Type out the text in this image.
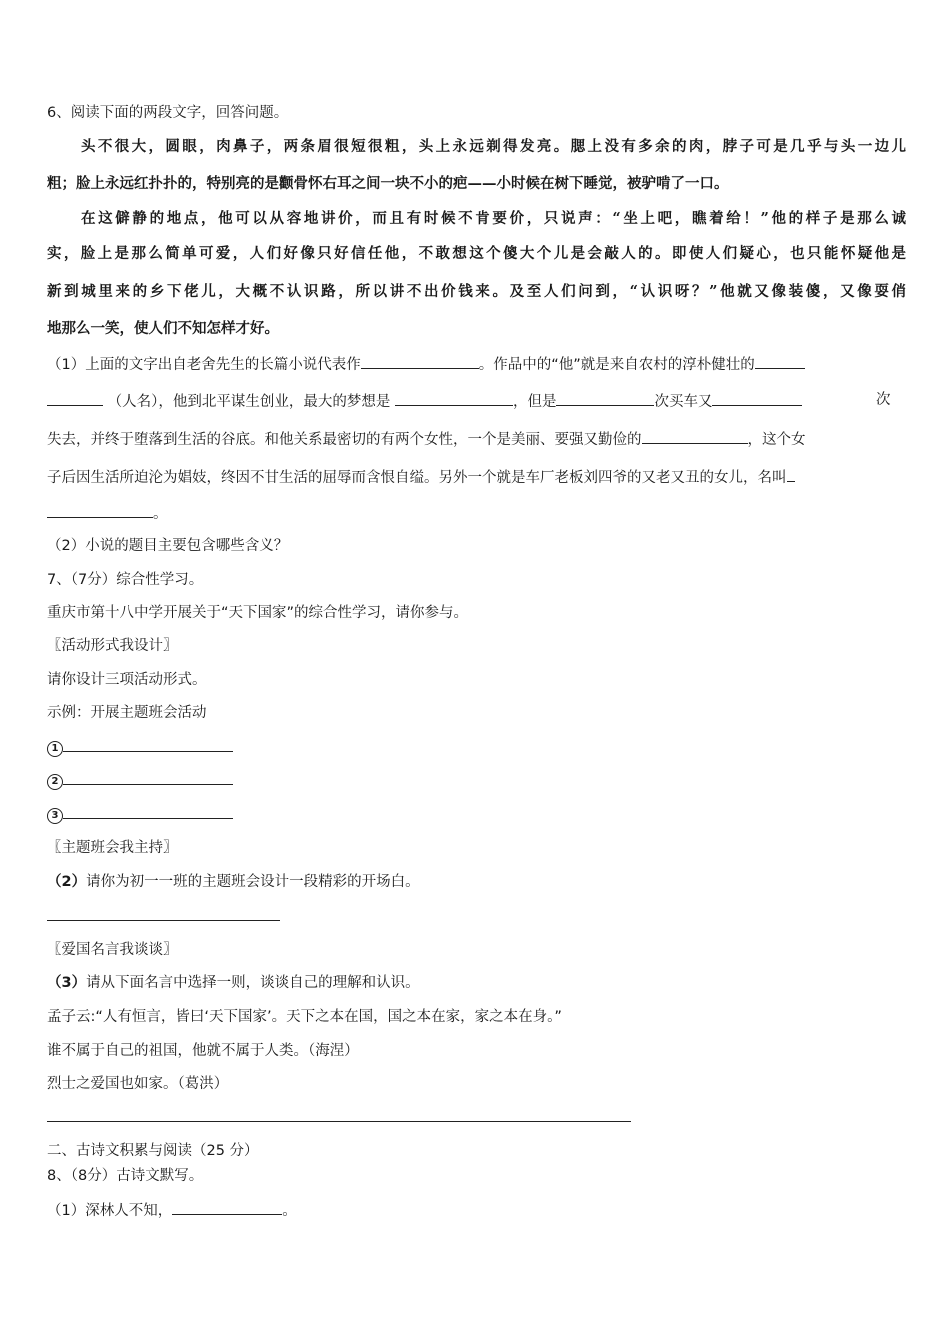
6、阅读下面的两段文字，回答问题。
头不很大，圆眼，肉鼻子，两条眉很短很粗，头上永远剃得发亮。腮上没有多余的肉，脖子可是几乎与头一边儿
粗；脸上永远红扑扑的，特别亮的是颧骨怀右耳之间一块不小的疤——小时候在树下睡觉，被驴啃了一口。
在这僻静的地点，他可以从容地讲价，而且有时候不肯要价，只说声：“坐上吧，瞧着给！”他的样子是那么诚
实，脸上是那么简单可爱，人们好像只好信任他，不敢想这个傻大个儿是会敲人的。即使人们疑心，也只能怀疑他是
新到城里来的乡下佬儿，大概不认识路，所以讲不出价钱来。及至人们问到，“认识呀？”他就又像装傻，又像耍俏
地那么一笑，使人们不知怎样才好。
（1）上面的文字出自老舍先生的长篇小说代表作	。作品中的“他”就是来自农村的淳朴健壮的
（人名），他到北平谋生创业，最大的梦想是	，但是	次买车又	次
失去，并终于堕落到生活的谷底。和他关系最密切的有两个女性，一个是美丽、要强又勤俭的	，这个女
子后因生活所迫沦为娼妓，终因不甘生活的屈辱而含恨自缢。另外一个就是车厂老板刘四爷的又老又丑的女儿，名叫
。
（2）小说的题目主要包含哪些含义？
7、（7分）综合性学习。
重庆市第十八中学开展关于“天下国家”的综合性学习，请你参与。
〖活动形式我设计〗
请你设计三项活动形式。
示例：开展主题班会活动
1
2
3
〖主题班会我主持〗
（2）请你为初一一班的主题班会设计一段精彩的开场白。
〖爱国名言我谈谈〗
（3）请从下面名言中选择一则，谈谈自己的理解和认识。
孟子云:“人有恒言，皆曰‘天下国家’。天下之本在国，国之本在家，家之本在身。”
谁不属于自己的祖国，他就不属于人类。（海涅）
烈士之爱国也如家。（葛洪）
二、古诗文积累与阅读（25 分）
8、（8分）古诗文默写。
（1）深林人不知，	。
